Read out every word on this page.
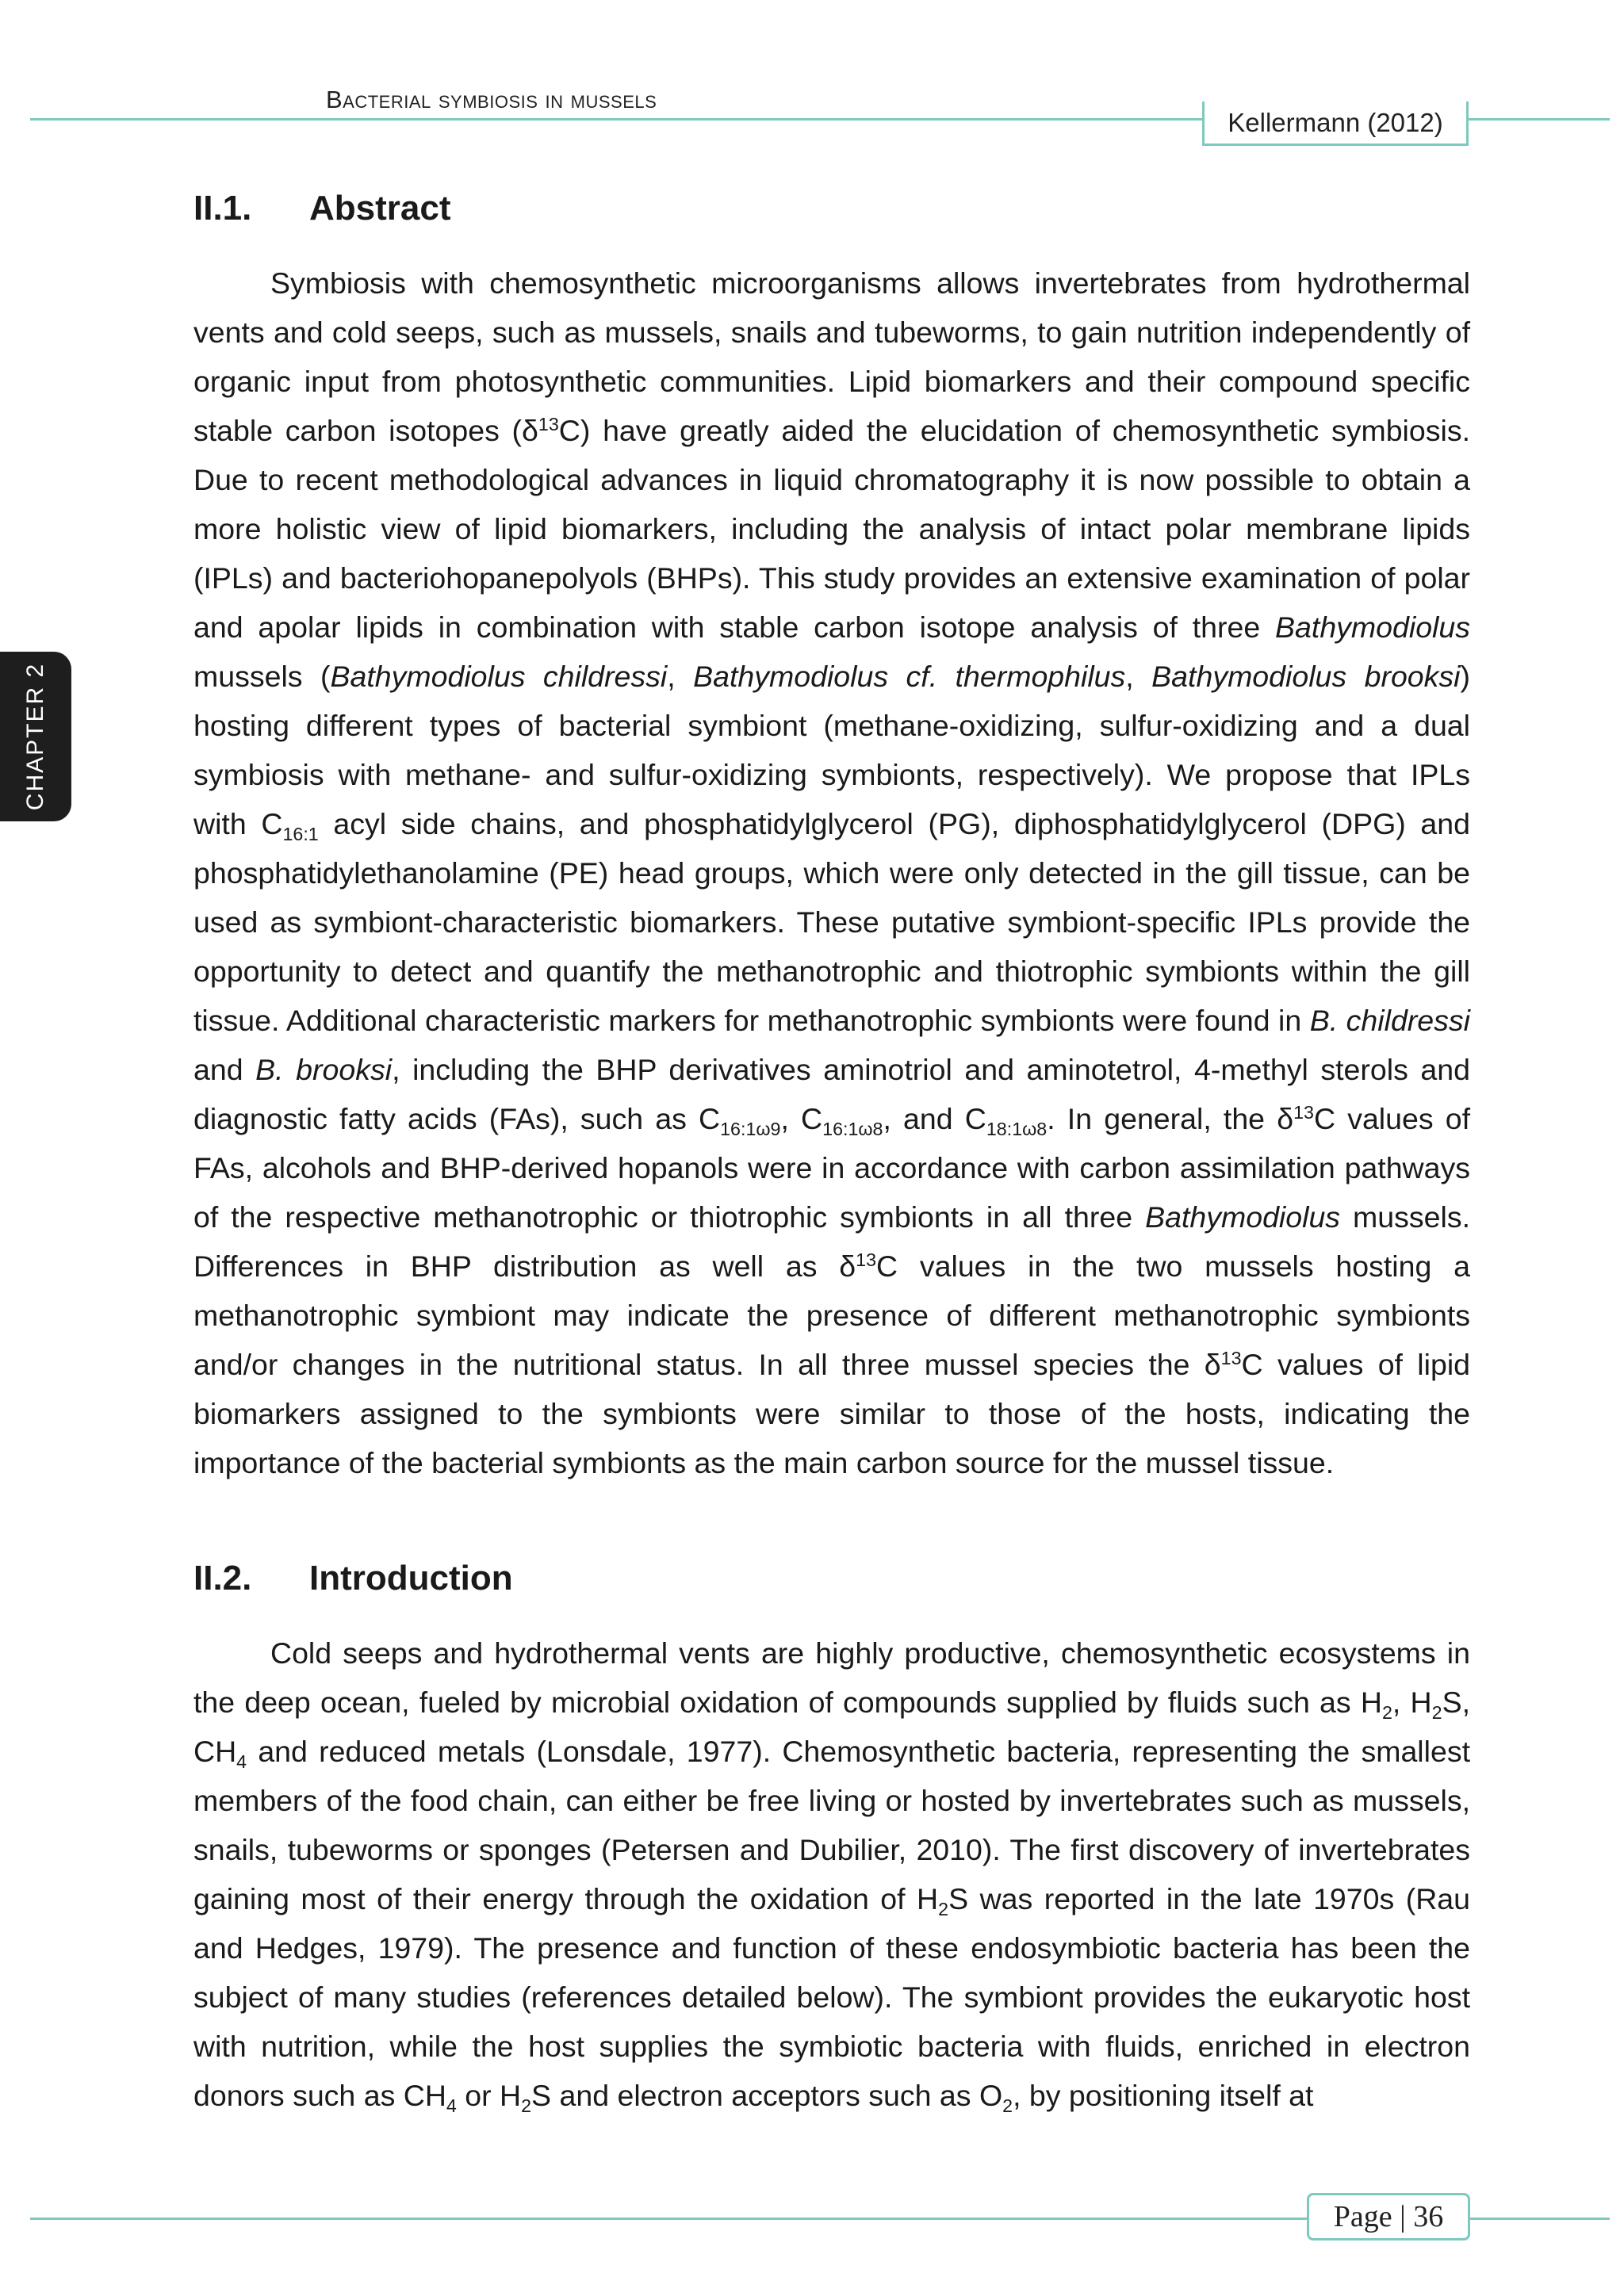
Bacterial symbiosis in mussels
Kellermann (2012)
CHAPTER 2
II.1. Abstract
Symbiosis with chemosynthetic microorganisms allows invertebrates from hydrothermal vents and cold seeps, such as mussels, snails and tubeworms, to gain nutrition independently of organic input from photosynthetic communities. Lipid biomarkers and their compound specific stable carbon isotopes $(\delta^{13}C)$ have greatly aided the elucidation of chemosynthetic symbiosis. Due to recent methodological advances in liquid chromatography it is now possible to obtain a more holistic view of lipid biomarkers, including the analysis of intact polar membrane lipids (IPLs) and bacteriohopanepolyols (BHPs). This study provides an extensive examination of polar and apolar lipids in combination with stable carbon isotope analysis of three Bathymodiolus mussels (Bathymodiolus childressi, Bathymodiolus cf. thermophilus, Bathymodiolus brooksi) hosting different types of bacterial symbiont (methane-oxidizing, sulfur-oxidizing and a dual symbiosis with methane- and sulfur-oxidizing symbionts, respectively). We propose that IPLs with $C_{16:1}$ acyl side chains, and phosphatidylglycerol (PG), diphosphatidylglycerol (DPG) and phosphatidylethanolamine (PE) head groups, which were only detected in the gill tissue, can be used as symbiont-characteristic biomarkers. These putative symbiont-specific IPLs provide the opportunity to detect and quantify the methanotrophic and thiotrophic symbionts within the gill tissue. Additional characteristic markers for methanotrophic symbionts were found in B. childressi and B. brooksi, including the BHP derivatives aminotriol and aminotetrol, 4-methyl sterols and diagnostic fatty acids (FAs), such as $C_{16:1\omega 9}$, $C_{16:1\omega 8}$, and $C_{18:1\omega 8}$. In general, the $\delta^{13}C$ values of FAs, alcohols and BHP-derived hopanols were in accordance with carbon assimilation pathways of the respective methanotrophic or thiotrophic symbionts in all three Bathymodiolus mussels. Differences in BHP distribution as well as $\delta^{13}C$ values in the two mussels hosting a methanotrophic symbiont may indicate the presence of different methanotrophic symbionts and/or changes in the nutritional status. In all three mussel species the $\delta^{13}C$ values of lipid biomarkers assigned to the symbionts were similar to those of the hosts, indicating the importance of the bacterial symbionts as the main carbon source for the mussel tissue.
II.2. Introduction
Cold seeps and hydrothermal vents are highly productive, chemosynthetic ecosystems in the deep ocean, fueled by microbial oxidation of compounds supplied by fluids such as $H_2$, $H_2S$, $CH_4$ and reduced metals (Lonsdale, 1977). Chemosynthetic bacteria, representing the smallest members of the food chain, can either be free living or hosted by invertebrates such as mussels, snails, tubeworms or sponges (Petersen and Dubilier, 2010). The first discovery of invertebrates gaining most of their energy through the oxidation of $H_2S$ was reported in the late 1970s (Rau and Hedges, 1979). The presence and function of these endosymbiotic bacteria has been the subject of many studies (references detailed below). The symbiont provides the eukaryotic host with nutrition, while the host supplies the symbiotic bacteria with fluids, enriched in electron donors such as $CH_4$ or $H_2S$ and electron acceptors such as $O_2$, by positioning itself at
Page | 36
